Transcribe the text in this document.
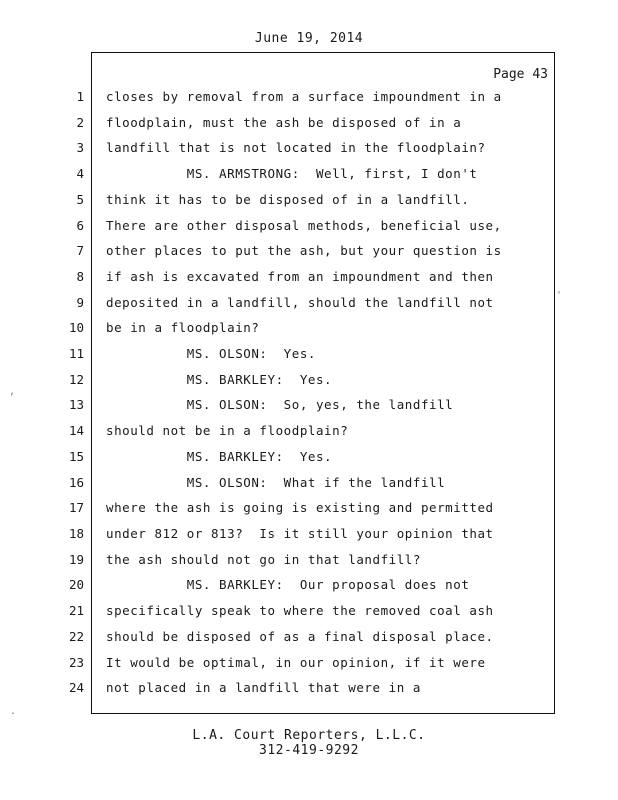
June 19, 2014
Page 43
1 closes by removal from a surface impoundment in a
2 floodplain, must the ash be disposed of in a
3 landfill that is not located in the floodplain?
4 MS. ARMSTRONG:  Well, first, I don't
5 think it has to be disposed of in a landfill.
6 There are other disposal methods, beneficial use,
7 other places to put the ash, but your question is
8 if ash is excavated from an impoundment and then
9 deposited in a landfill, should the landfill not
10 be in a floodplain?
11 MS. OLSON:  Yes.
12 MS. BARKLEY:  Yes.
13 MS. OLSON:  So, yes, the landfill
14 should not be in a floodplain?
15 MS. BARKLEY:  Yes.
16 MS. OLSON:  What if the landfill
17 where the ash is going is existing and permitted
18 under 812 or 813?  Is it still your opinion that
19 the ash should not go in that landfill?
20 MS. BARKLEY:  Our proposal does not
21 specifically speak to where the removed coal ash
22 should be disposed of as a final disposal place.
23 It would be optimal, in our opinion, if it were
24 not placed in a landfill that were in a
,
.
'
L.A. Court Reporters, L.L.C.
312-419-9292
